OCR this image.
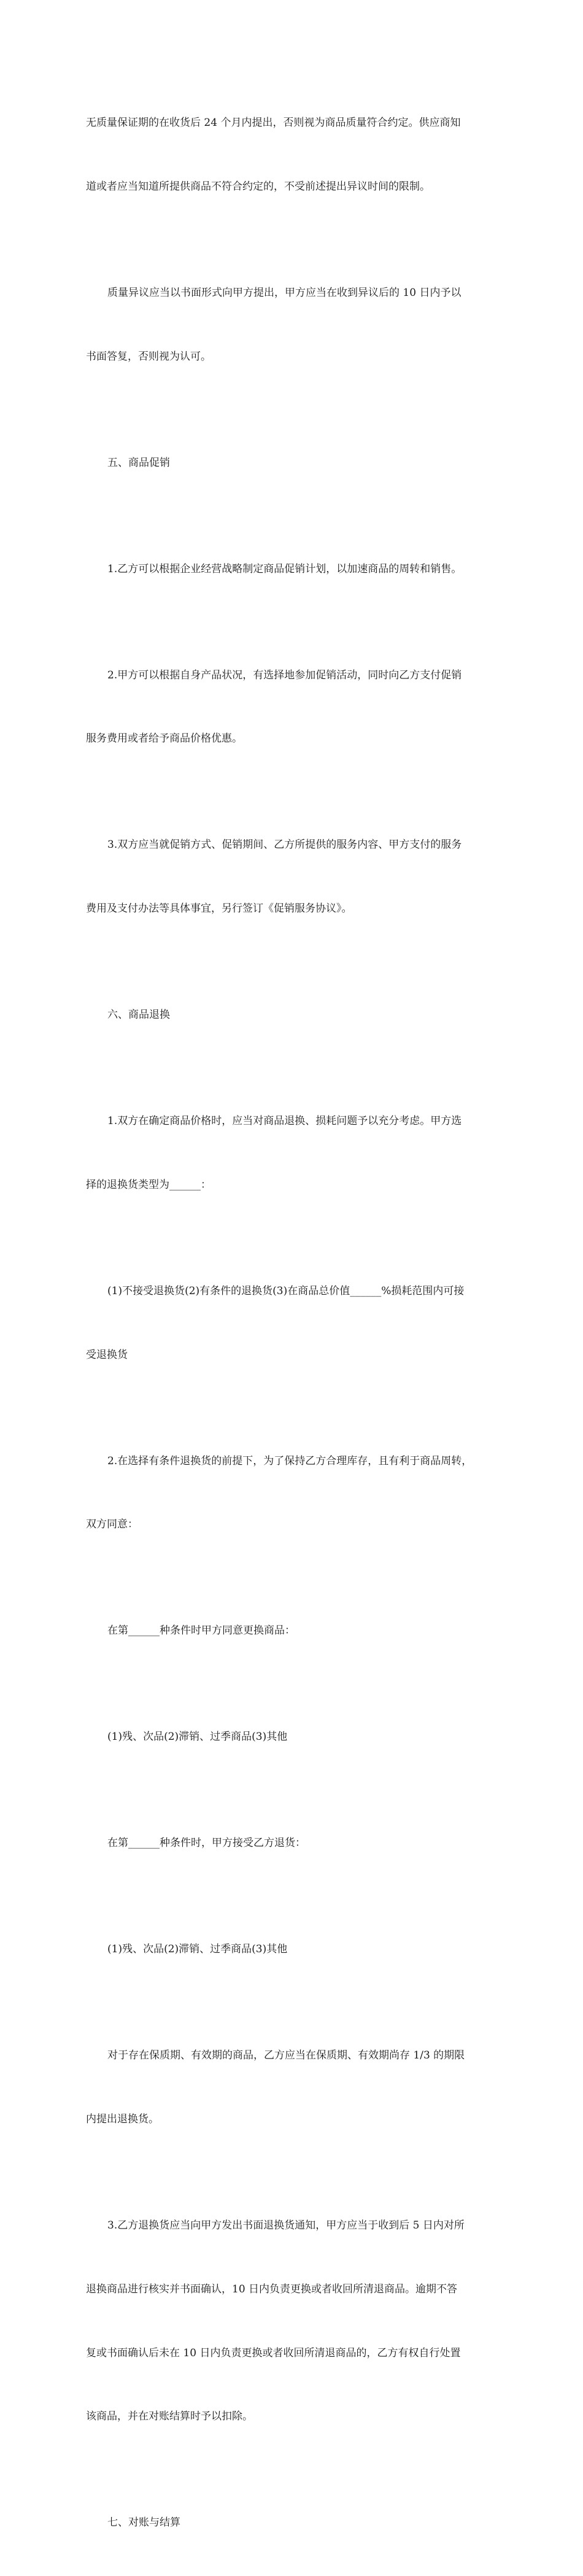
无质量保证期的在收货后 24 个月内提出，否则视为商品质量符合约定。供应商知

道或者应当知道所提供商品不符合约定的，不受前述提出异议时间的限制。

质量异议应当以书面形式向甲方提出，甲方应当在收到异议后的 10 日内予以

书面答复，否则视为认可。

五、商品促销

1.乙方可以根据企业经营战略制定商品促销计划，以加速商品的周转和销售。

2.甲方可以根据自身产品状况，有选择地参加促销活动，同时向乙方支付促销

服务费用或者给予商品价格优惠。

3.双方应当就促销方式、促销期间、乙方所提供的服务内容、甲方支付的服务

费用及支付办法等具体事宜，另行签订《促销服务协议》。

六、商品退换

1.双方在确定商品价格时，应当对商品退换、损耗问题予以充分考虑。甲方选

择的退换货类型为______：

(1)不接受退换货(2)有条件的退换货(3)在商品总价值______%损耗范围内可接

受退换货

2.在选择有条件退换货的前提下，为了保持乙方合理库存，且有利于商品周转，

双方同意：

在第______种条件时甲方同意更换商品：

(1)残、次品(2)滞销、过季商品(3)其他

在第______种条件时，甲方接受乙方退货：

(1)残、次品(2)滞销、过季商品(3)其他

对于存在保质期、有效期的商品，乙方应当在保质期、有效期尚存 1/3 的期限

内提出退换货。

3.乙方退换货应当向甲方发出书面退换货通知，甲方应当于收到后 5 日内对所

退换商品进行核实并书面确认，10 日内负责更换或者收回所清退商品。逾期不答

复或书面确认后未在 10 日内负责更换或者收回所清退商品的，乙方有权自行处置

该商品，并在对账结算时予以扣除。

七、对账与结算
